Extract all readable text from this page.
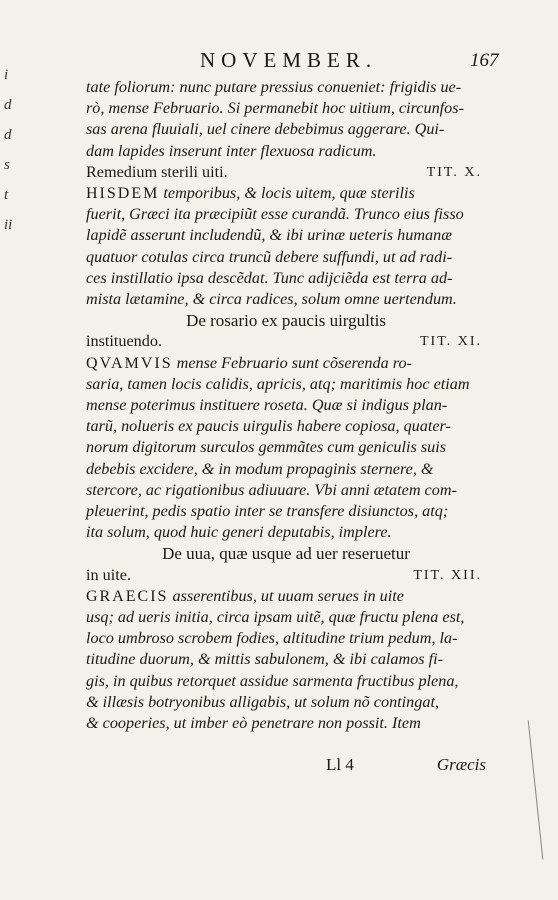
i
d
d
s
t
ii
NOVEMBER.	167
tate foliorum: nunc putare pressius conueniet: frigidis ue-
rò, mense Februario. Si permanebit hoc uitium, circunfos-
sas arena fluuiali, uel cinere debebimus aggerare. Qui-
dam lapides inserunt inter flexuosa radicum.
Remedium sterili uiti.	TIT. X.
HISDEM temporibus, & locis uitem, quæ sterilis
fuerit, Græci ita præcipiũt esse curandã. Trunco eius fisso
lapidẽ asserunt includendũ, & ibi urinæ ueteris humanæ
quatuor cotulas circa truncũ debere suffundi, ut ad radi-
ces instillatio ipsa descẽdat. Tunc adijciẽda est terra ad-
mista lætamine, & circa radices, solum omne uertendum.
De rosario ex paucis uirgultis
instituendo.	TIT. XI.
QVAMVIS mense Februario sunt cõserenda ro-
saria, tamen locis calidis, apricis, atq; maritimis hoc etiam
mense poterimus instituere roseta. Quæ si indigus plan-
tarũ, nolueris ex paucis uirgulis habere copiosa, quater-
norum digitorum surculos gemmãtes cum geniculis suis
debebis excidere, & in modum propaginis sternere, &
stercore, ac rigationibus adiuuare. Vbi anni ætatem com-
pleuerint, pedis spatio inter se transfere disiunctos, atq;
ita solum, quod huic generi deputabis, implere.
De uua, quæ usque ad uer reseruetur
in uite.	TIT. XII.
GRAECIS asserentibus, ut uuam serues in uite
usq; ad ueris initia, circa ipsam uitẽ, quæ fructu plena est,
loco umbroso scrobem fodies, altitudine trium pedum, la-
titudine duorum, & mittis sabulonem, & ibi calamos fi-
gis, in quibus retorquet assidue sarmenta fructibus plena,
& illæsis botryonibus alligabis, ut solum nõ contingat,
& cooperies, ut imber eò penetrare non possit. Item
Ll 4	Græcis
